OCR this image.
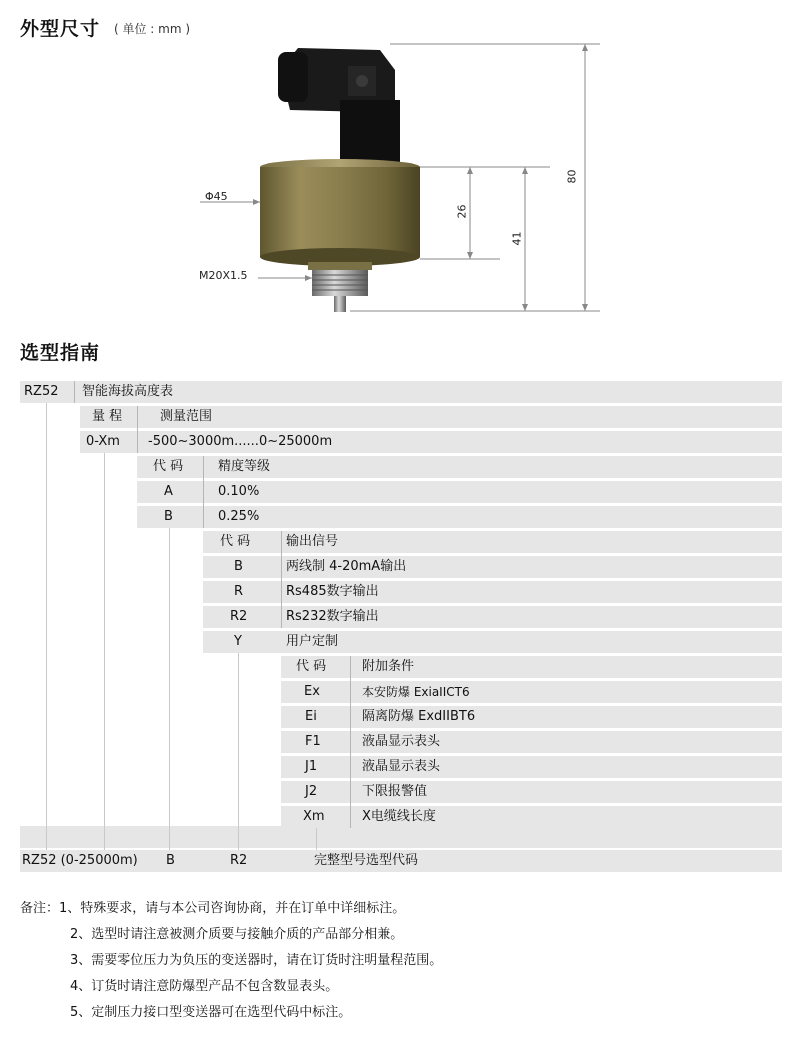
外型尺寸 ( 单位 : mm )
Φ45
M20X1.5
80
26
41
选型指南
RZ52 智能海拔高度表
量 程	测量范围
0-Xm -500~3000m......0~25000m
代 码	精度等级
A	0.10%
B	0.25%
代 码	输出信号
B	两线制 4-20mA输出
R	Rs485数字输出
R2	Rs232数字输出
Y	用户定制
代 码	附加条件
Ex	本安防爆 ExiaIICT6
Ei	隔离防爆 ExdIIBT6
F1	液晶显示表头
J1	液晶显示表头
J2	下限报警值
Xm	X电缆线长度
RZ52 (0-25000m) B	R2	完整型号选型代码
备注：1、特殊要求，请与本公司咨询协商，并在订单中详细标注。
2、选型时请注意被测介质要与接触介质的产品部分相兼。
3、需要零位压力为负压的变送器时，请在订货时注明量程范围。
4、订货时请注意防爆型产品不包含数显表头。
5、定制压力接口型变送器可在选型代码中标注。
